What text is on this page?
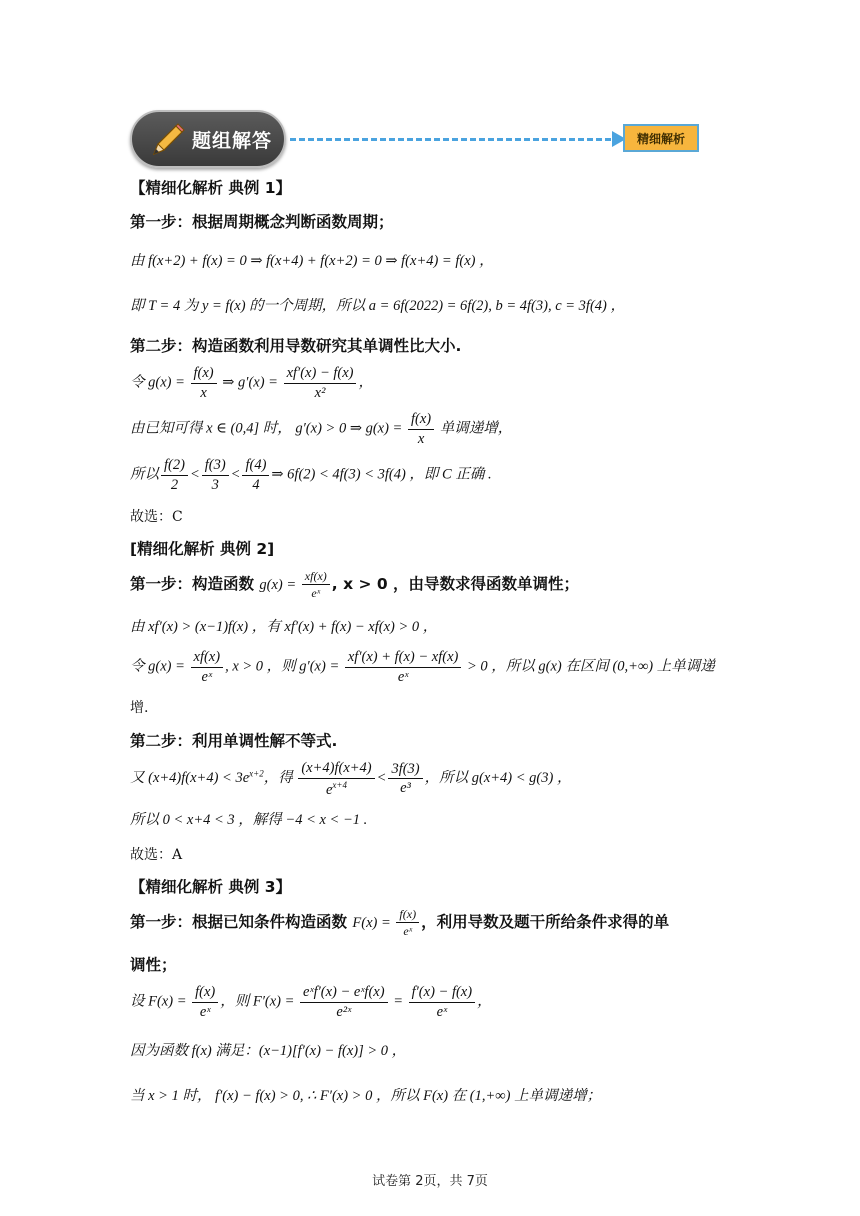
题组解答	精细解析
【精细化解析 典例 1】
第一步：根据周期概念判断函数周期；
由 f(x+2) + f(x) = 0 ⇒ f(x+4) + f(x+2) = 0 ⇒ f(x+4) = f(x) ，
即 T = 4 为 y = f(x) 的一个周期，所以 a = 6f(2022) = 6f(2), b = 4f(3), c = 3f(4) ，
第二步：构造函数利用导数研究其单调性比大小.
令 $g(x) = \frac{f(x)}{x}$ ⇒ $g'(x) = \frac{xf'(x) - f(x)}{\text{x²}}$ ，
由已知可得 x ∈ (0,4] 时， g′(x) > 0 ⇒ $g(x) = \frac{f(x)}{x}$ 单调递增，
所以 $\frac{f(2)}{2} < \frac{f(3)}{3} < \frac{f(4)}{4}$ ⇒ 6f(2) < 4f(3) < 3f(4) ，即 C 正确 .
故选：C
[精细化解析 典例 2]
第一步：构造函数 $g(x) = \frac{xf(x)}{\text{eˣ}}$ , x > 0 ，由导数求得函数单调性；
由 xf′(x) > (x−1)f(x) ，有 xf′(x) + f(x) − xf(x) > 0 ，
令 $g(x) = \frac{xf(x)}{\text{eˣ}}$ , x > 0 ，则 $g'(x) = \frac{xf'(x) + f(x) - xf(x)}{\text{eˣ}} > 0$ ，所以 g(x) 在区间 (0,+∞) 上单调递
增.
第二步：利用单调性解不等式.
又 $(x+4)f(x+4) < 3e^{x+2}$，得 $\frac{(x+4)f(x+4)}{e^{x+4}} < \frac{3f(3)}{\text{e³}}$ ，所以 g(x+4) < g(3) ，
所以 0 < x+4 < 3 ，解得 −4 < x < −1 .
故选：A
【精细化解析 典例 3】
第一步：根据已知条件构造函数 $F(x) = \frac{f(x)}{\text{eˣ}}$ ，利用导数及题干所给条件求得的单
调性；
设 $F(x) = \frac{f(x)}{\text{eˣ}}$ ，则 $F'(x) = \frac{\text{eˣf′(x) − eˣf(x)}}{\text{e²ˣ}} = \frac{f'(x) - f(x)}{\text{eˣ}}$ ，
因为函数 f(x) 满足：(x−1)[f′(x) − f(x)] > 0 ，
当 x > 1 时， f′(x) − f(x) > 0, ∴ F′(x) > 0 ，所以 F(x) 在 (1,+∞) 上单调递增；
试卷第 2页，共 7页
